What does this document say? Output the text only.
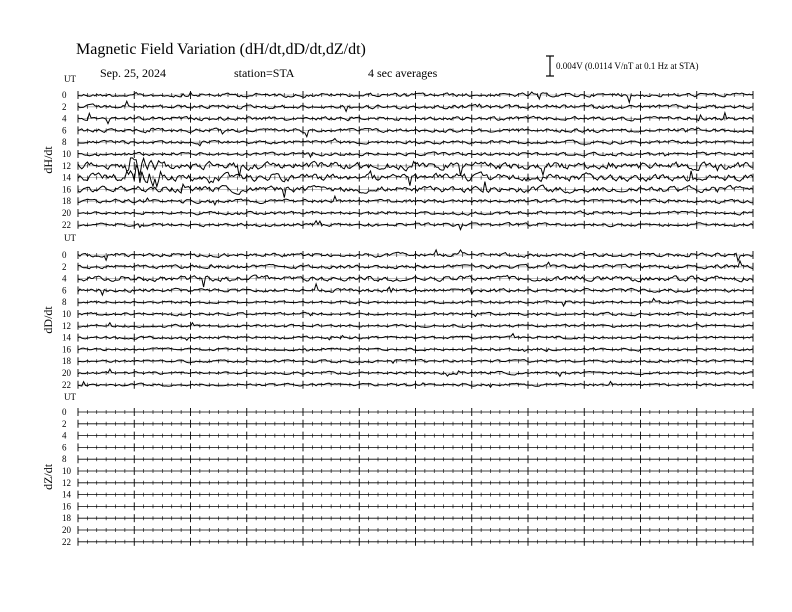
Magnetic Field Variation (dH/dt,dD/dt,dZ/dt)
Sep. 25, 2024	station=STA	4 sec averages	0.004V (0.0114 V/nT at 0.1 Hz at STA)
UT
dH/dt
0
2
4
6
8
10
12
14
16
18
20
22
UT
dD/dt
0
2
4
6
8
10
12
14
16
18
20
22
UT
dZ/dt
0
2
4
6
8
10
12
14
16
18
20
22
